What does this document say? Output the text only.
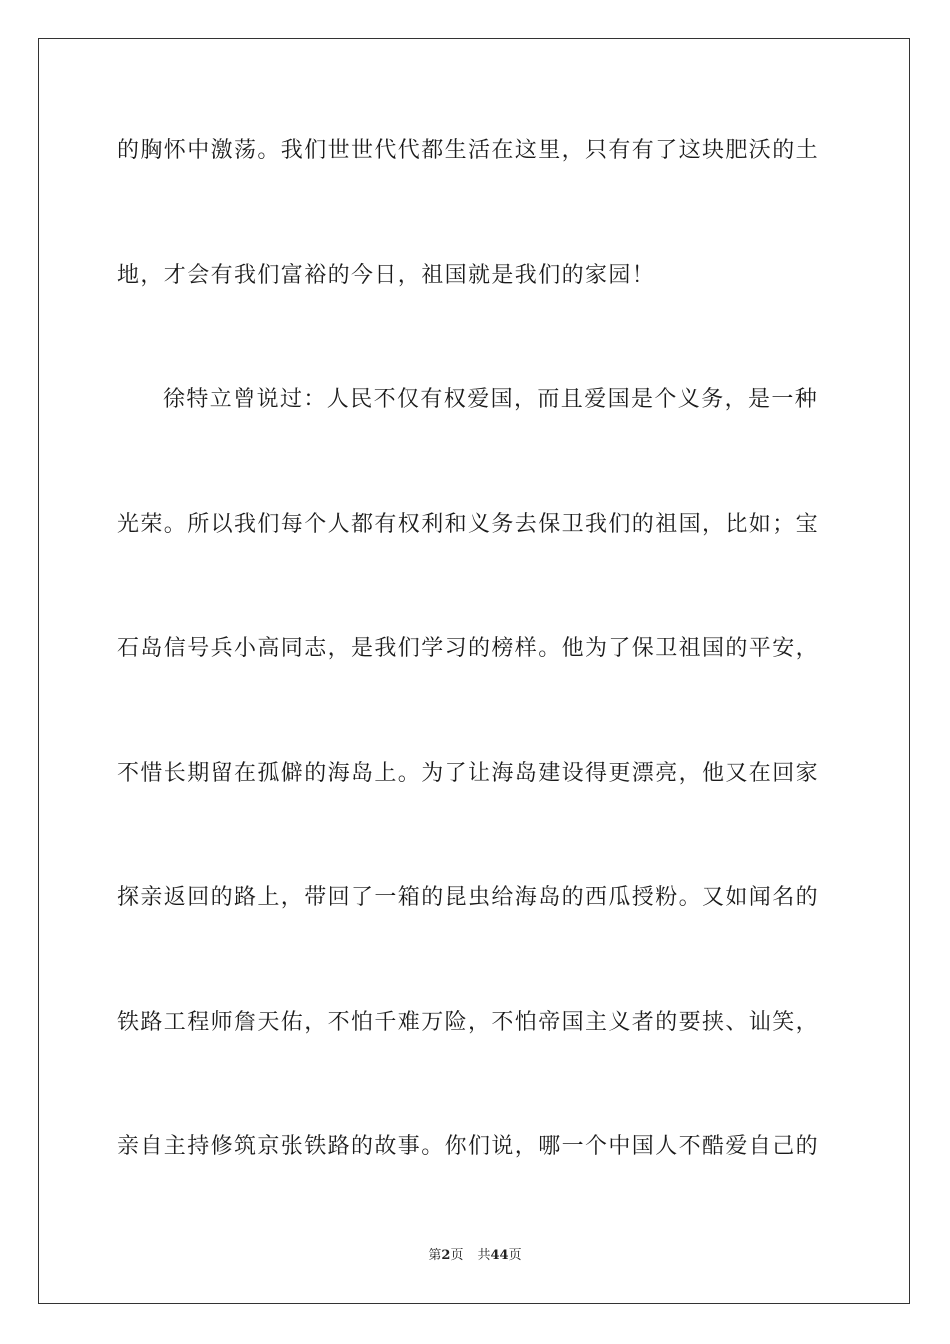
的胸怀中激荡。我们世世代代都生活在这里，只有有了这块肥沃的土
地，才会有我们富裕的今日，祖国就是我们的家园！
徐特立曾说过：人民不仅有权爱国，而且爱国是个义务，是一种
光荣。所以我们每个人都有权利和义务去保卫我们的祖国，比如；宝
石岛信号兵小高同志，是我们学习的榜样。他为了保卫祖国的平安，
不惜长期留在孤僻的海岛上。为了让海岛建设得更漂亮，他又在回家
探亲返回的路上，带回了一箱的昆虫给海岛的西瓜授粉。又如闻名的
铁路工程师詹天佑，不怕千难万险，不怕帝国主义者的要挟、讪笑，
亲自主持修筑京张铁路的故事。你们说，哪一个中国人不酷爱自己的
第2页 共44页
